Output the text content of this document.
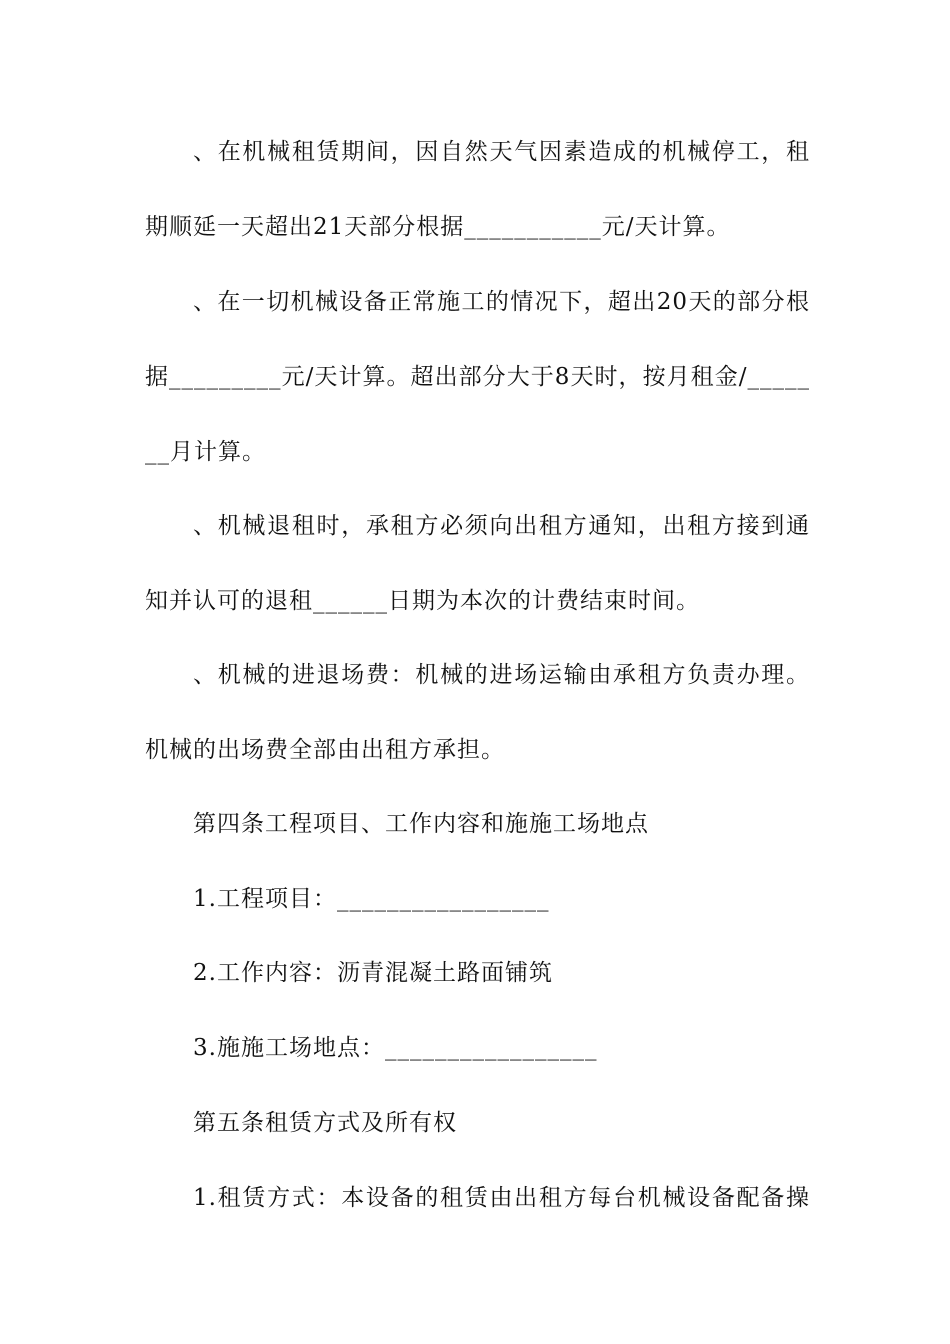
、在机械租赁期间，因自然天气因素造成的机械停工，租
期顺延一天超出21天部分根据___________元/天计算。
、在一切机械设备正常施工的情况下，超出20天的部分根
据_________元/天计算。超出部分大于8天时，按月租金/_____
__月计算。
、机械退租时，承租方必须向出租方通知，出租方接到通
知并认可的退租______日期为本次的计费结束时间。
、机械的进退场费：机械的进场运输由承租方负责办理。
机械的出场费全部由出租方承担。
第四条工程项目、工作内容和施施工场地点
1.工程项目：_________________
2.工作内容：沥青混凝土路面铺筑
3.施施工场地点：_________________
第五条租赁方式及所有权
1.租赁方式：本设备的租赁由出租方每台机械设备配备操
